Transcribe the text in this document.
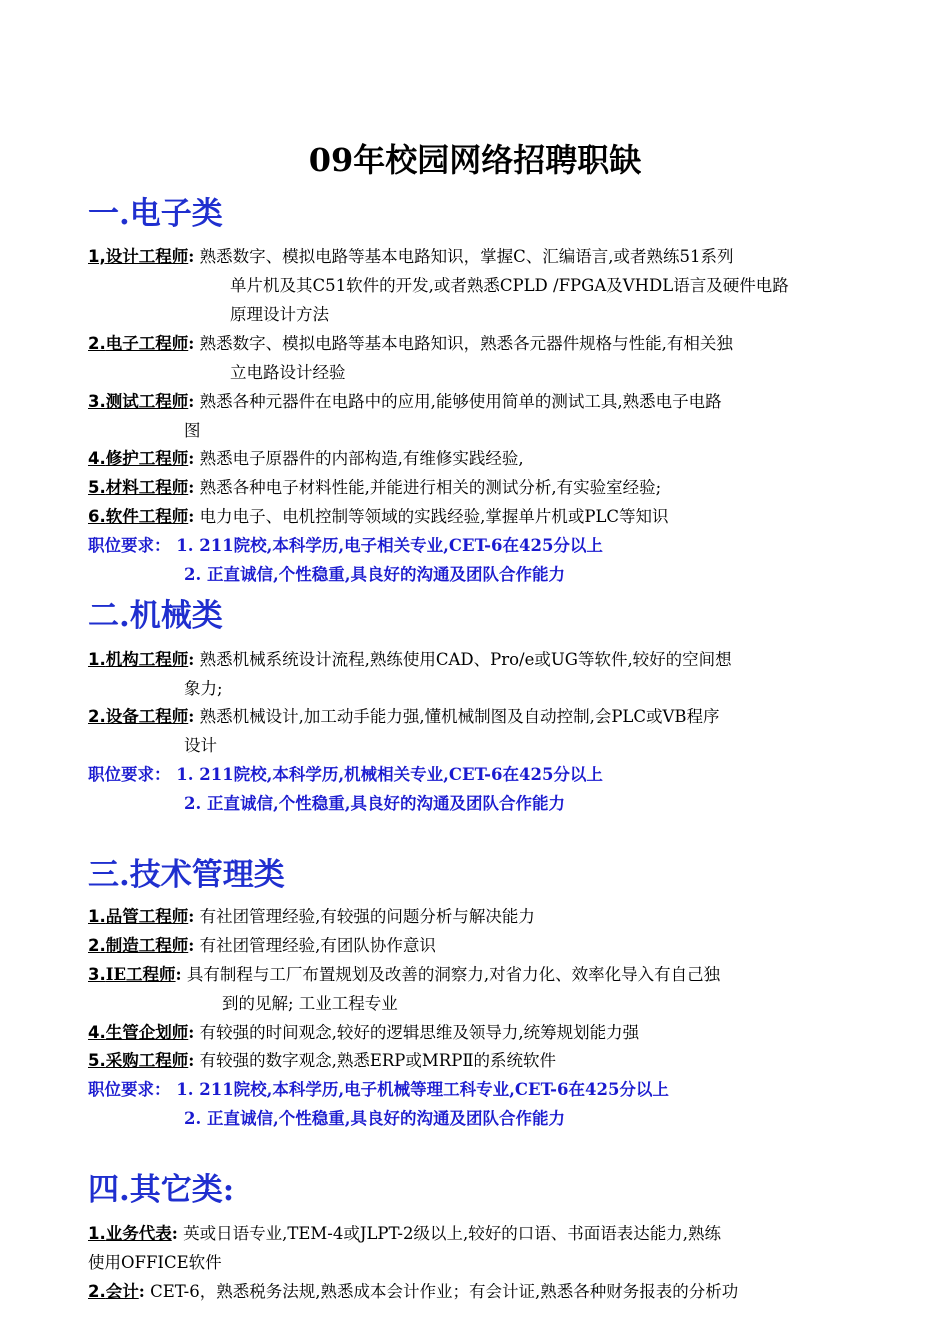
09年校园网络招聘职缺
一.电子类
1,设计工程师: 熟悉数字、模拟电路等基本电路知识，掌握C、汇编语言,或者熟练51系列
单片机及其C51软件的开发,或者熟悉CPLD /FPGA及VHDL语言及硬件电路
原理设计方法
2.电子工程师: 熟悉数字、模拟电路等基本电路知识，熟悉各元器件规格与性能,有相关独
立电路设计经验
3.测试工程师: 熟悉各种元器件在电路中的应用,能够使用简单的测试工具,熟悉电子电路
图
4.修护工程师: 熟悉电子原器件的内部构造,有维修实践经验,
5.材料工程师: 熟悉各种电子材料性能,并能进行相关的测试分析,有实验室经验;
6.软件工程师: 电力电子、电机控制等领域的实践经验,掌握单片机或PLC等知识
职位要求： 1. 211院校,本科学历,电子相关专业,CET-6在425分以上
2. 正直诚信,个性稳重,具良好的沟通及团队合作能力
二.机械类
1.机构工程师: 熟悉机械系统设计流程,熟练使用CAD、Pro/e或UG等软件,较好的空间想
象力;
2.设备工程师: 熟悉机械设计,加工动手能力强,懂机械制图及自动控制,会PLC或VB程序
设计
职位要求： 1. 211院校,本科学历,机械相关专业,CET-6在425分以上
2. 正直诚信,个性稳重,具良好的沟通及团队合作能力
三.技术管理类
1.品管工程师: 有社团管理经验,有较强的问题分析与解决能力
2.制造工程师: 有社团管理经验,有团队协作意识
3.IE工程师: 具有制程与工厂布置规划及改善的洞察力,对省力化、效率化导入有自己独
到的见解; 工业工程专业
4.生管企划师: 有较强的时间观念,较好的逻辑思维及领导力,统筹规划能力强
5.采购工程师: 有较强的数字观念,熟悉ERP或MRPⅡ的系统软件
职位要求： 1. 211院校,本科学历,电子机械等理工科专业,CET-6在425分以上
2. 正直诚信,个性稳重,具良好的沟通及团队合作能力
四.其它类:
1.业务代表: 英或日语专业,TEM-4或JLPT-2级以上,较好的口语、书面语表达能力,熟练
使用OFFICE软件
2.会计: CET-6，熟悉税务法规,熟悉成本会计作业；有会计证,熟悉各种财务报表的分析功
